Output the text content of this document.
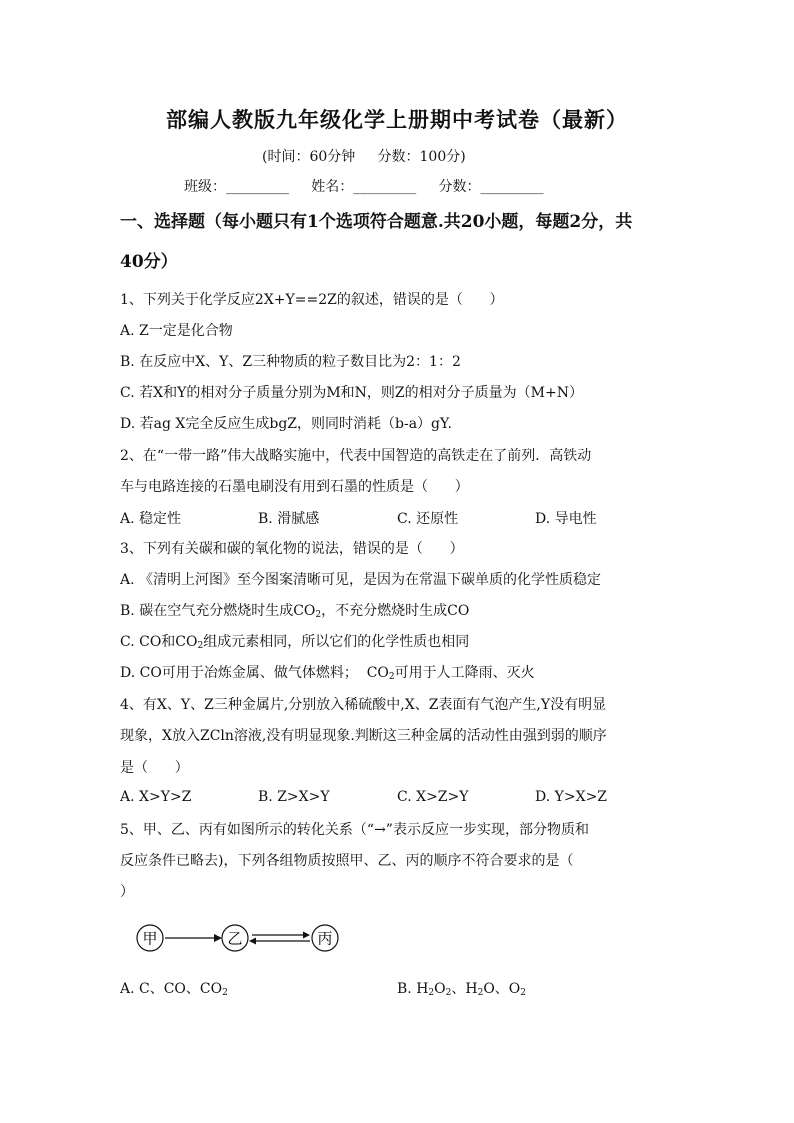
部编人教版九年级化学上册期中考试卷（最新）
(时间：60分钟     分数：100分)
班级：_________     姓名：_________     分数：_________
一、选择题（每小题只有1个选项符合题意.共20小题，每题2分，共
40分）
1、下列关于化学反应2X+Y==2Z的叙述，错误的是（      ）
A. Z一定是化合物
B. 在反应中X、Y、Z三种物质的粒子数目比为2：1：2
C. 若X和Y的相对分子质量分别为M和N，则Z的相对分子质量为（M+N）
D. 若ag X完全反应生成bgZ，则同时消耗（b-a）gY.
2、在“一带一路”伟大战略实施中，代表中国智造的高铁走在了前列．高铁动
车与电路连接的石墨电刷没有用到石墨的性质是（      ）
A. 稳定性	B. 滑腻感	C. 还原性	D. 导电性
3、下列有关碳和碳的氧化物的说法，错误的是（      ）
A. 《清明上河图》至今图案清晰可见，是因为在常温下碳单质的化学性质稳定
B. 碳在空气充分燃烧时生成$CO_2$，不充分燃烧时生成CO
C. CO和$CO_2$组成元素相同，所以它们的化学性质也相同
D. CO可用于冶炼金属、做气体燃料；  $CO_2$可用于人工降雨、灭火
4、有X、Y、Z三种金属片,分别放入稀硫酸中,X、Z表面有气泡产生,Y没有明显
现象，X放入ZCln溶液,没有明显现象.判断这三种金属的活动性由强到弱的顺序
是（      ）
A. X>Y>Z	B. Z>X>Y	C. X>Z>Y	D. Y>X>Z
5、甲、乙、丙有如图所示的转化关系（“→”表示反应一步实现，部分物质和
反应条件已略去)，下列各组物质按照甲、乙、丙的顺序不符合要求的是（
）
甲	乙	丙
A. C、CO、$CO_2$	B. $H_2O_2$、$H_2O$、$O_2$
